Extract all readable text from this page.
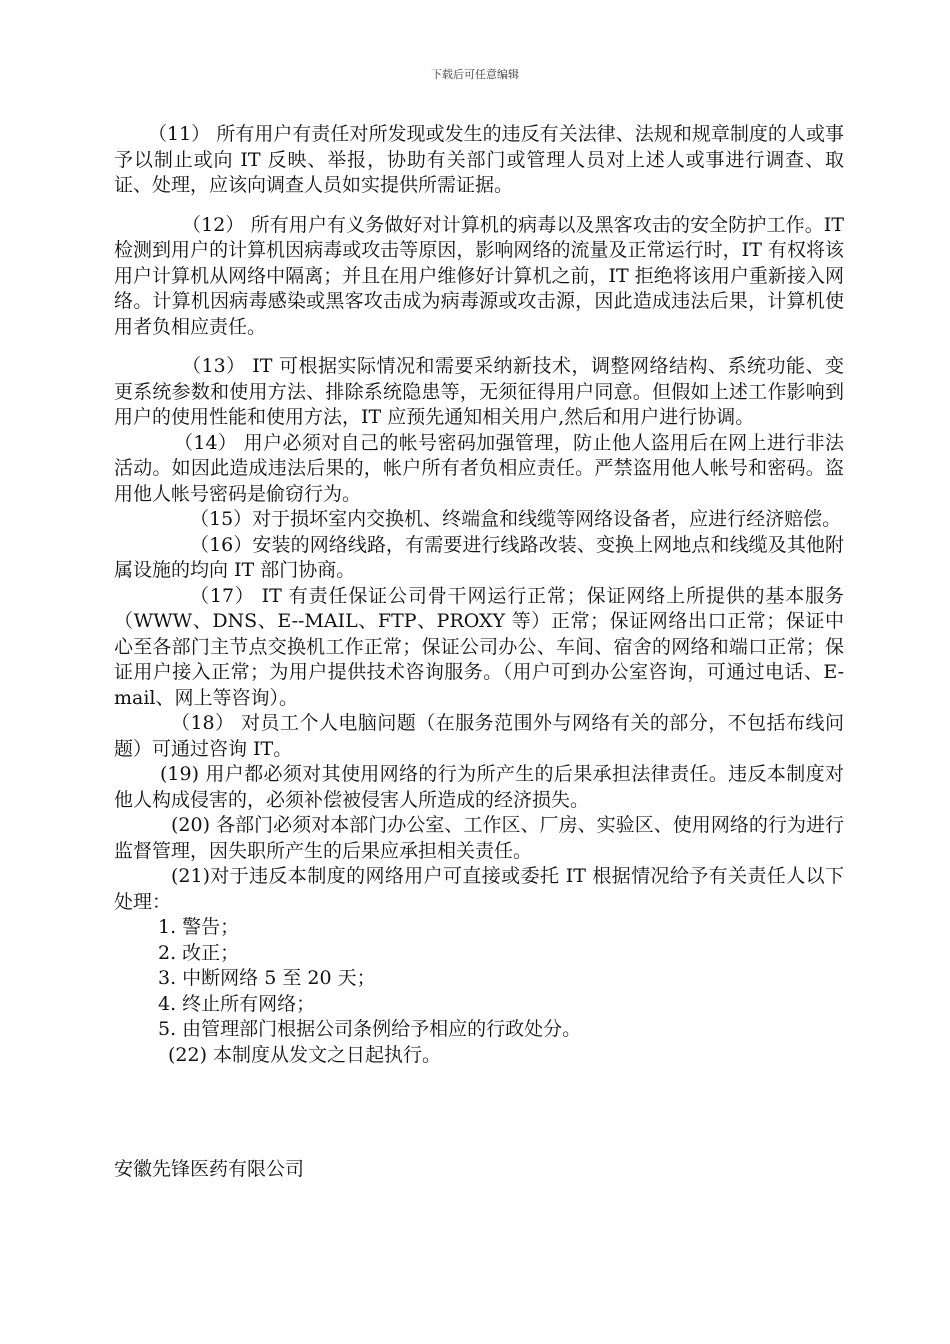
下载后可任意编辑

（11） 所有用户有责任对所发现或发生的违反有关法律、法规和规章制度的人或事予以制止或向 IT 反映、举报，协助有关部门或管理人员对上述人或事进行调查、取证、处理，应该向调查人员如实提供所需证据。

（12） 所有用户有义务做好对计算机的病毒以及黑客攻击的安全防护工作。IT 检测到用户的计算机因病毒或攻击等原因，影响网络的流量及正常运行时，IT 有权将该用户计算机从网络中隔离；并且在用户维修好计算机之前，IT 拒绝将该用户重新接入网络。计算机因病毒感染或黑客攻击成为病毒源或攻击源，因此造成违法后果，计算机使用者负相应责任。

（13） IT 可根据实际情况和需要采纳新技术，调整网络结构、系统功能、变更系统参数和使用方法、排除系统隐患等，无须征得用户同意。但假如上述工作影响到用户的使用性能和使用方法，IT 应预先通知相关用户,然后和用户进行协调。

（14） 用户必须对自己的帐号密码加强管理，防止他人盗用后在网上进行非法活动。如因此造成违法后果的，帐户所有者负相应责任。严禁盗用他人帐号和密码。盗用他人帐号密码是偷窃行为。

（15）对于损坏室内交换机、终端盒和线缆等网络设备者，应进行经济赔偿。

（16）安装的网络线路，有需要进行线路改装、变换上网地点和线缆及其他附属设施的均向 IT 部门协商。

（17） IT 有责任保证公司骨干网运行正常；保证网络上所提供的基本服务（WWW、DNS、E--MAIL、FTP、PROXY 等）正常；保证网络出口正常；保证中心至各部门主节点交换机工作正常；保证公司办公、车间、宿舍的网络和端口正常；保证用户接入正常；为用户提供技术咨询服务。（用户可到办公室咨询，可通过电话、E-mail、网上等咨询）。

（18） 对员工个人电脑问题（在服务范围外与网络有关的部分，不包括布线问题）可通过咨询 IT。

(19) 用户都必须对其使用网络的行为所产生的后果承担法律责任。违反本制度对他人构成侵害的，必须补偿被侵害人所造成的经济损失。

(20) 各部门必须对本部门办公室、工作区、厂房、实验区、使用网络的行为进行监督管理，因失职所产生的后果应承担相关责任。

(21)对于违反本制度的网络用户可直接或委托 IT 根据情况给予有关责任人以下处理：

1. 警告；

2. 改正；

3. 中断网络 5 至 20 天；

4. 终止所有网络；

5. 由管理部门根据公司条例给予相应的行政处分。

(22) 本制度从发文之日起执行。

安徽先锋医药有限公司
